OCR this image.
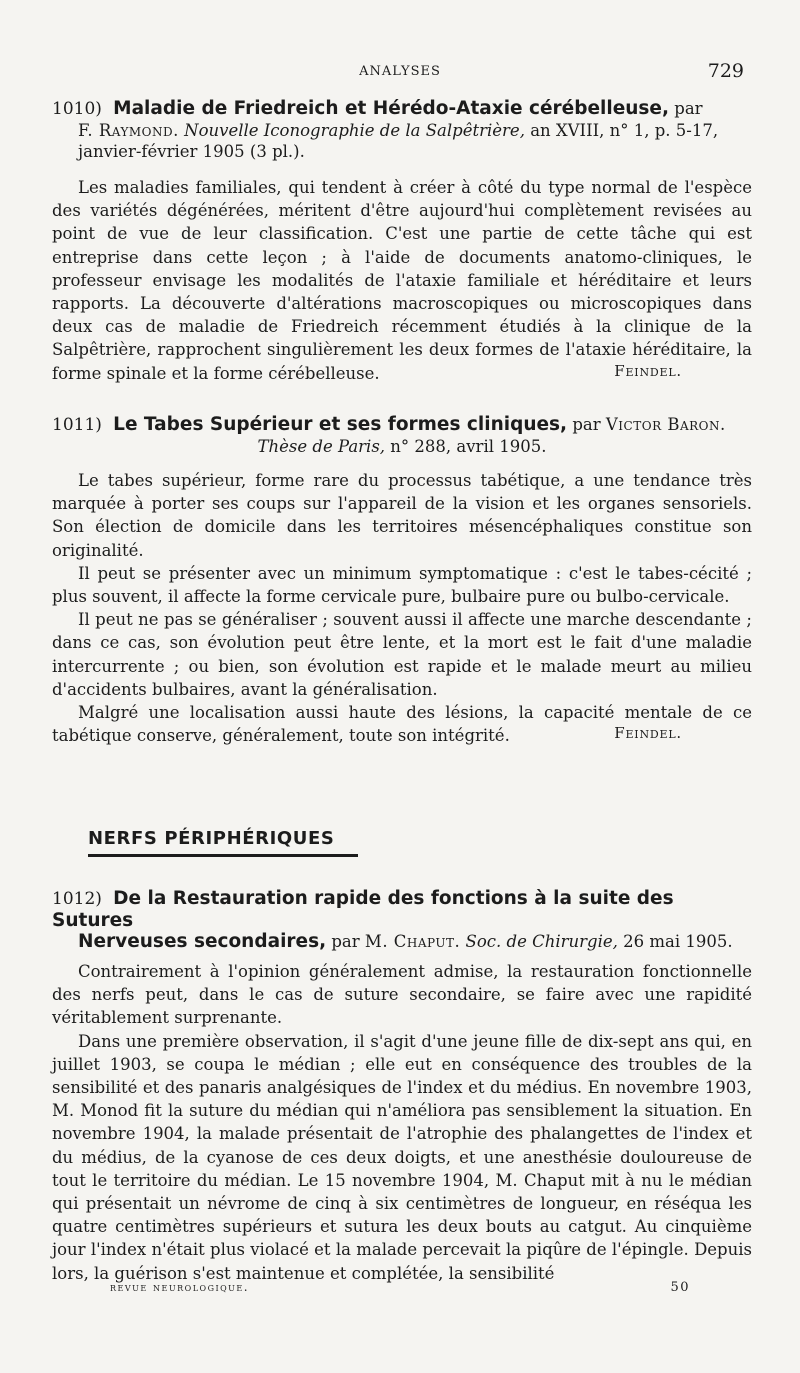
ANALYSES	729

1010) Maladie de Friedreich et Hérédo-Ataxie cérébelleuse, par
F. Raymond. Nouvelle Iconographie de la Salpêtrière, an XVIII, n° 1, p. 5-17, janvier-février 1905 (3 pl.).

Les maladies familiales, qui tendent à créer à côté du type normal de l'espèce des variétés dégénérées, méritent d'être aujourd'hui complètement revisées au point de vue de leur classification. C'est une partie de cette tâche qui est entreprise dans cette leçon ; à l'aide de documents anatomo-cliniques, le professeur envisage les modalités de l'ataxie familiale et héréditaire et leurs rapports. La découverte d'altérations macroscopiques ou microscopiques dans deux cas de maladie de Friedreich récemment étudiés à la clinique de la Salpêtrière, rapprochent singulièrement les deux formes de l'ataxie héréditaire, la forme spinale et la forme cérébelleuse.	Feindel.

1011) Le Tabes Supérieur et ses formes cliniques, par Victor Baron.
Thèse de Paris, n° 288, avril 1905.

Le tabes supérieur, forme rare du processus tabétique, a une tendance très marquée à porter ses coups sur l'appareil de la vision et les organes sensoriels. Son élection de domicile dans les territoires mésencéphaliques constitue son originalité.

Il peut se présenter avec un minimum symptomatique : c'est le tabes-cécité ; plus souvent, il affecte la forme cervicale pure, bulbaire pure ou bulbo-cervicale.

Il peut ne pas se généraliser ; souvent aussi il affecte une marche descendante ; dans ce cas, son évolution peut être lente, et la mort est le fait d'une maladie intercurrente ; ou bien, son évolution est rapide et le malade meurt au milieu d'accidents bulbaires, avant la généralisation.

Malgré une localisation aussi haute des lésions, la capacité mentale de ce tabétique conserve, généralement, toute son intégrité.	Feindel.
NERFS PÉRIPHÉRIQUES

1012) De la Restauration rapide des fonctions à la suite des Sutures
Nerveuses secondaires, par M. Chaput. Soc. de Chirurgie, 26 mai 1905.

Contrairement à l'opinion généralement admise, la restauration fonctionnelle des nerfs peut, dans le cas de suture secondaire, se faire avec une rapidité véritablement surprenante.

Dans une première observation, il s'agit d'une jeune fille de dix-sept ans qui, en juillet 1903, se coupa le médian ; elle eut en conséquence des troubles de la sensibilité et des panaris analgésiques de l'index et du médius. En novembre 1903, M. Monod fit la suture du médian qui n'améliora pas sensiblement la situation. En novembre 1904, la malade présentait de l'atrophie des phalangettes de l'index et du médius, de la cyanose de ces deux doigts, et une anesthésie douloureuse de tout le territoire du médian. Le 15 novembre 1904, M. Chaput mit à nu le médian qui présentait un névrome de cinq à six centimètres de longueur, en réséqua les quatre centimètres supérieurs et sutura les deux bouts au catgut. Au cinquième jour l'index n'était plus violacé et la malade percevait la piqûre de l'épingle. Depuis lors, la guérison s'est maintenue et complétée, la sensibilité

revue neurologique.	50
